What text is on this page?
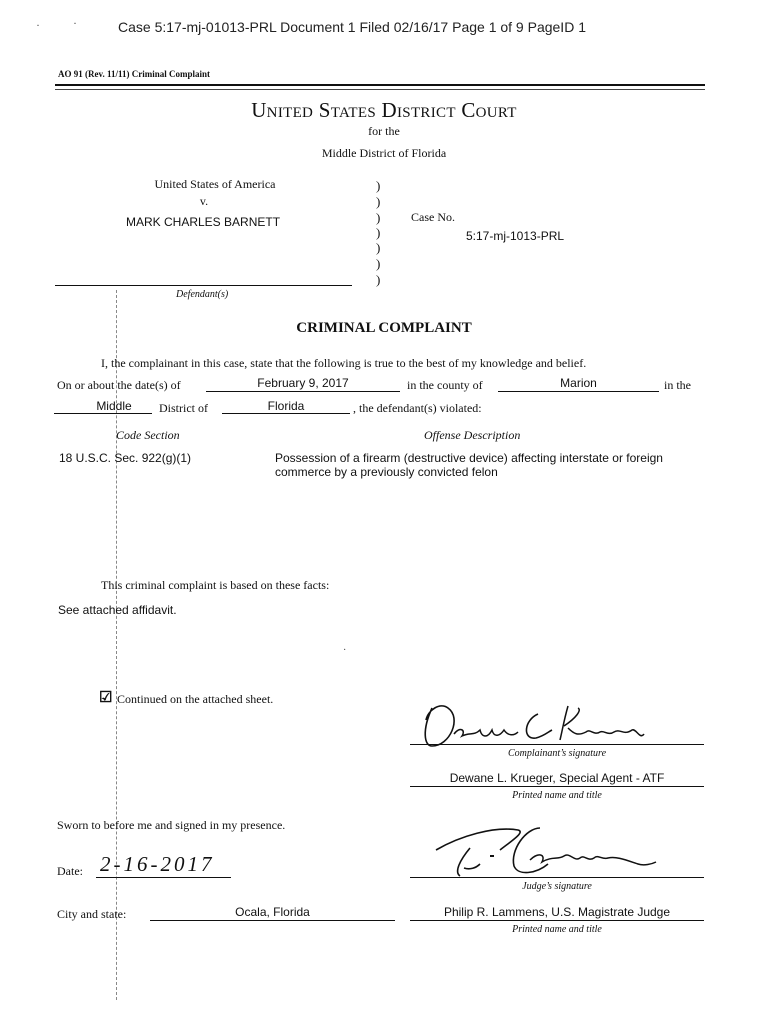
·	·	Case 5:17-mj-01013-PRL Document 1 Filed 02/16/17 Page 1 of 9 PageID 1
AO 91 (Rev. 11/11) Criminal Complaint
United States District Court
for the
Middle District of Florida
United States of America
v.
MARK CHARLES BARNETT
Defendant(s)
)
)
)
)
)
)
)
Case No.
5:17-mj-1013-PRL
CRIMINAL COMPLAINT
I, the complainant in this case, state that the following is true to the best of my knowledge and belief.
On or about the date(s) of	February 9, 2017	in the county of	Marion	in the
Middle	District of	Florida	, the defendant(s) violated:
Code Section	Offense Description
18 U.S.C. Sec. 922(g)(1)	Possession of a firearm (destructive device) affecting interstate or foreign
commerce by a previously convicted felon
This criminal complaint is based on these facts:
See attached affidavit.
·
☑ Continued on the attached sheet.
Complainant’s signature
Dewane L. Krueger, Special Agent - ATF
Printed name and title
Sworn to before me and signed in my presence.
Date: 2-16-2017
Judge’s signature
City and state:	Ocala, Florida	Philip R. Lammens, U.S. Magistrate Judge
Printed name and title
